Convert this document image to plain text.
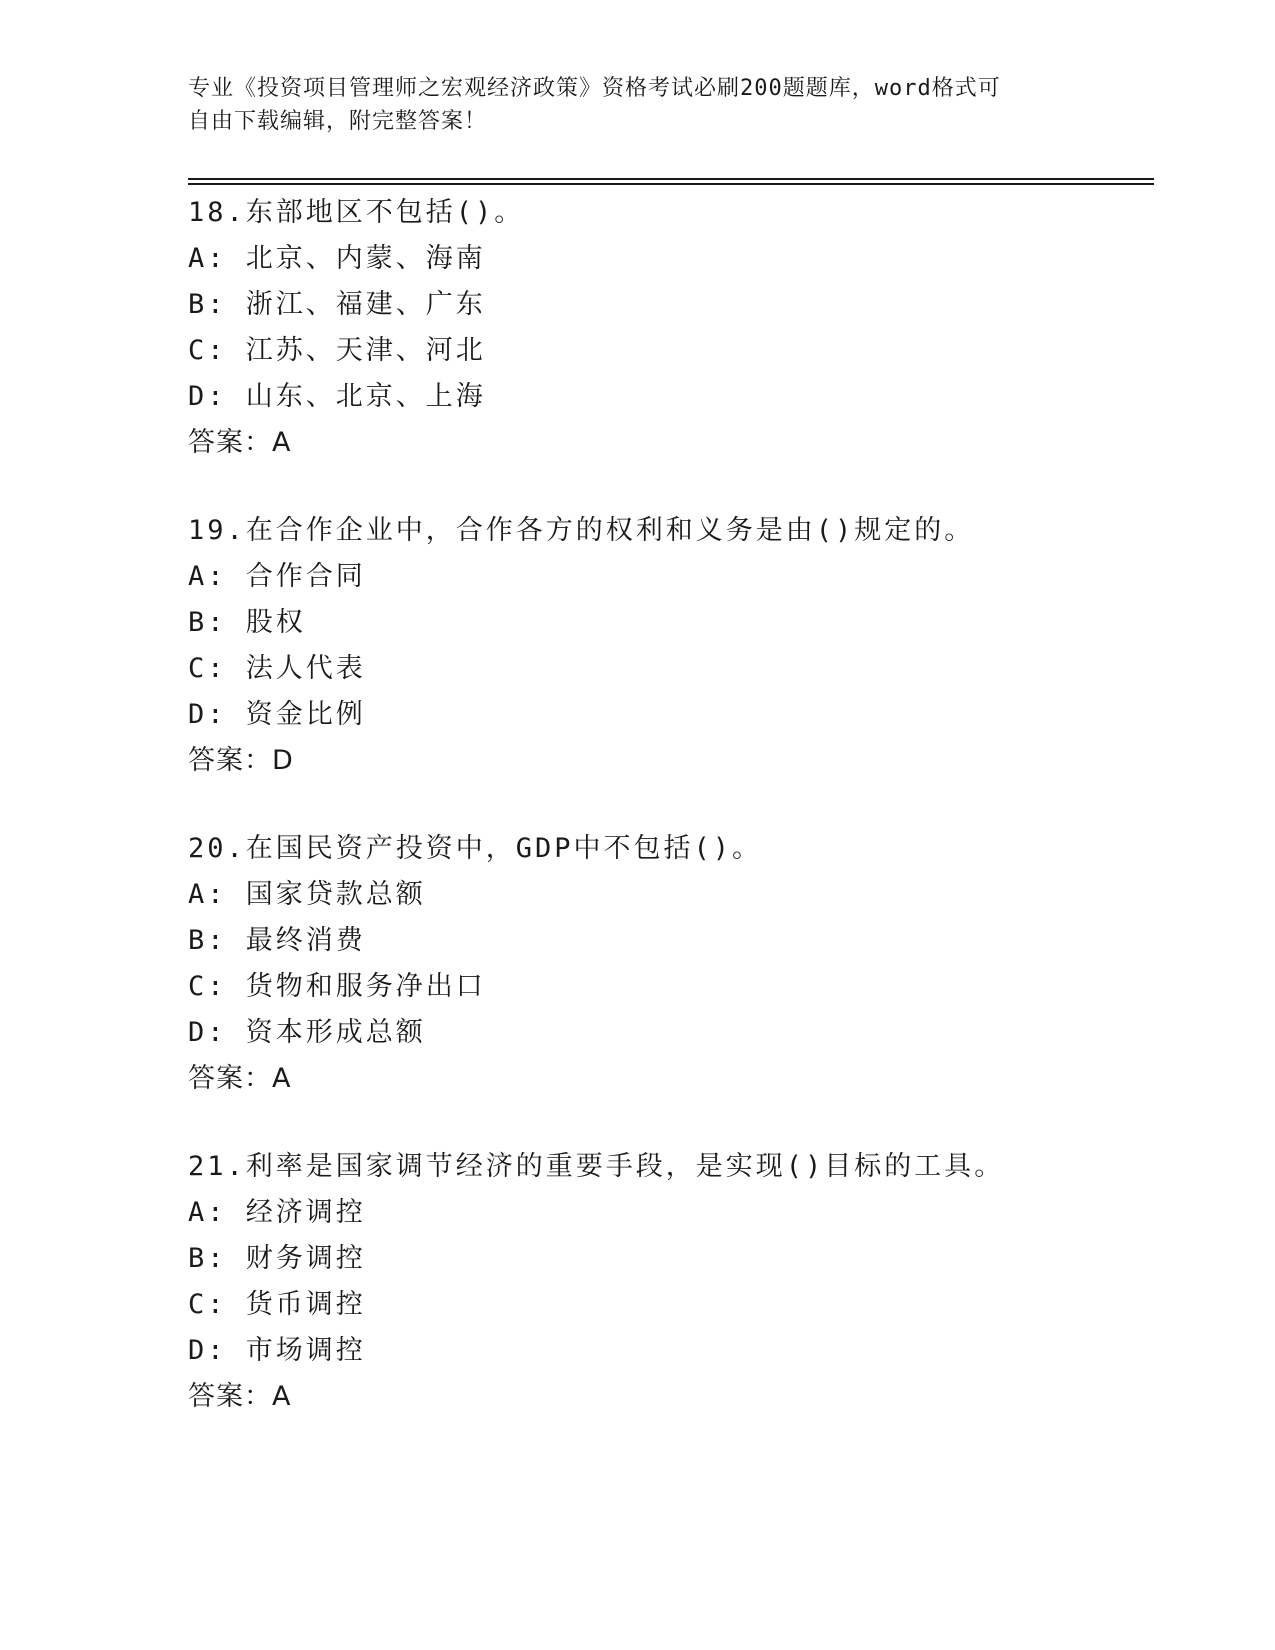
专业《投资项目管理师之宏观经济政策》资格考试必刷200题题库，word格式可
自由下载编辑，附完整答案！
18.东部地区不包括()。
A: 北京、内蒙、海南
B: 浙江、福建、广东
C: 江苏、天津、河北
D: 山东、北京、上海
答案：A
19.在合作企业中，合作各方的权利和义务是由()规定的。
A: 合作合同
B: 股权
C: 法人代表
D: 资金比例
答案：D
20.在国民资产投资中，GDP中不包括()。
A: 国家贷款总额
B: 最终消费
C: 货物和服务净出口
D: 资本形成总额
答案：A
21.利率是国家调节经济的重要手段，是实现()目标的工具。
A: 经济调控
B: 财务调控
C: 货币调控
D: 市场调控
答案：A
